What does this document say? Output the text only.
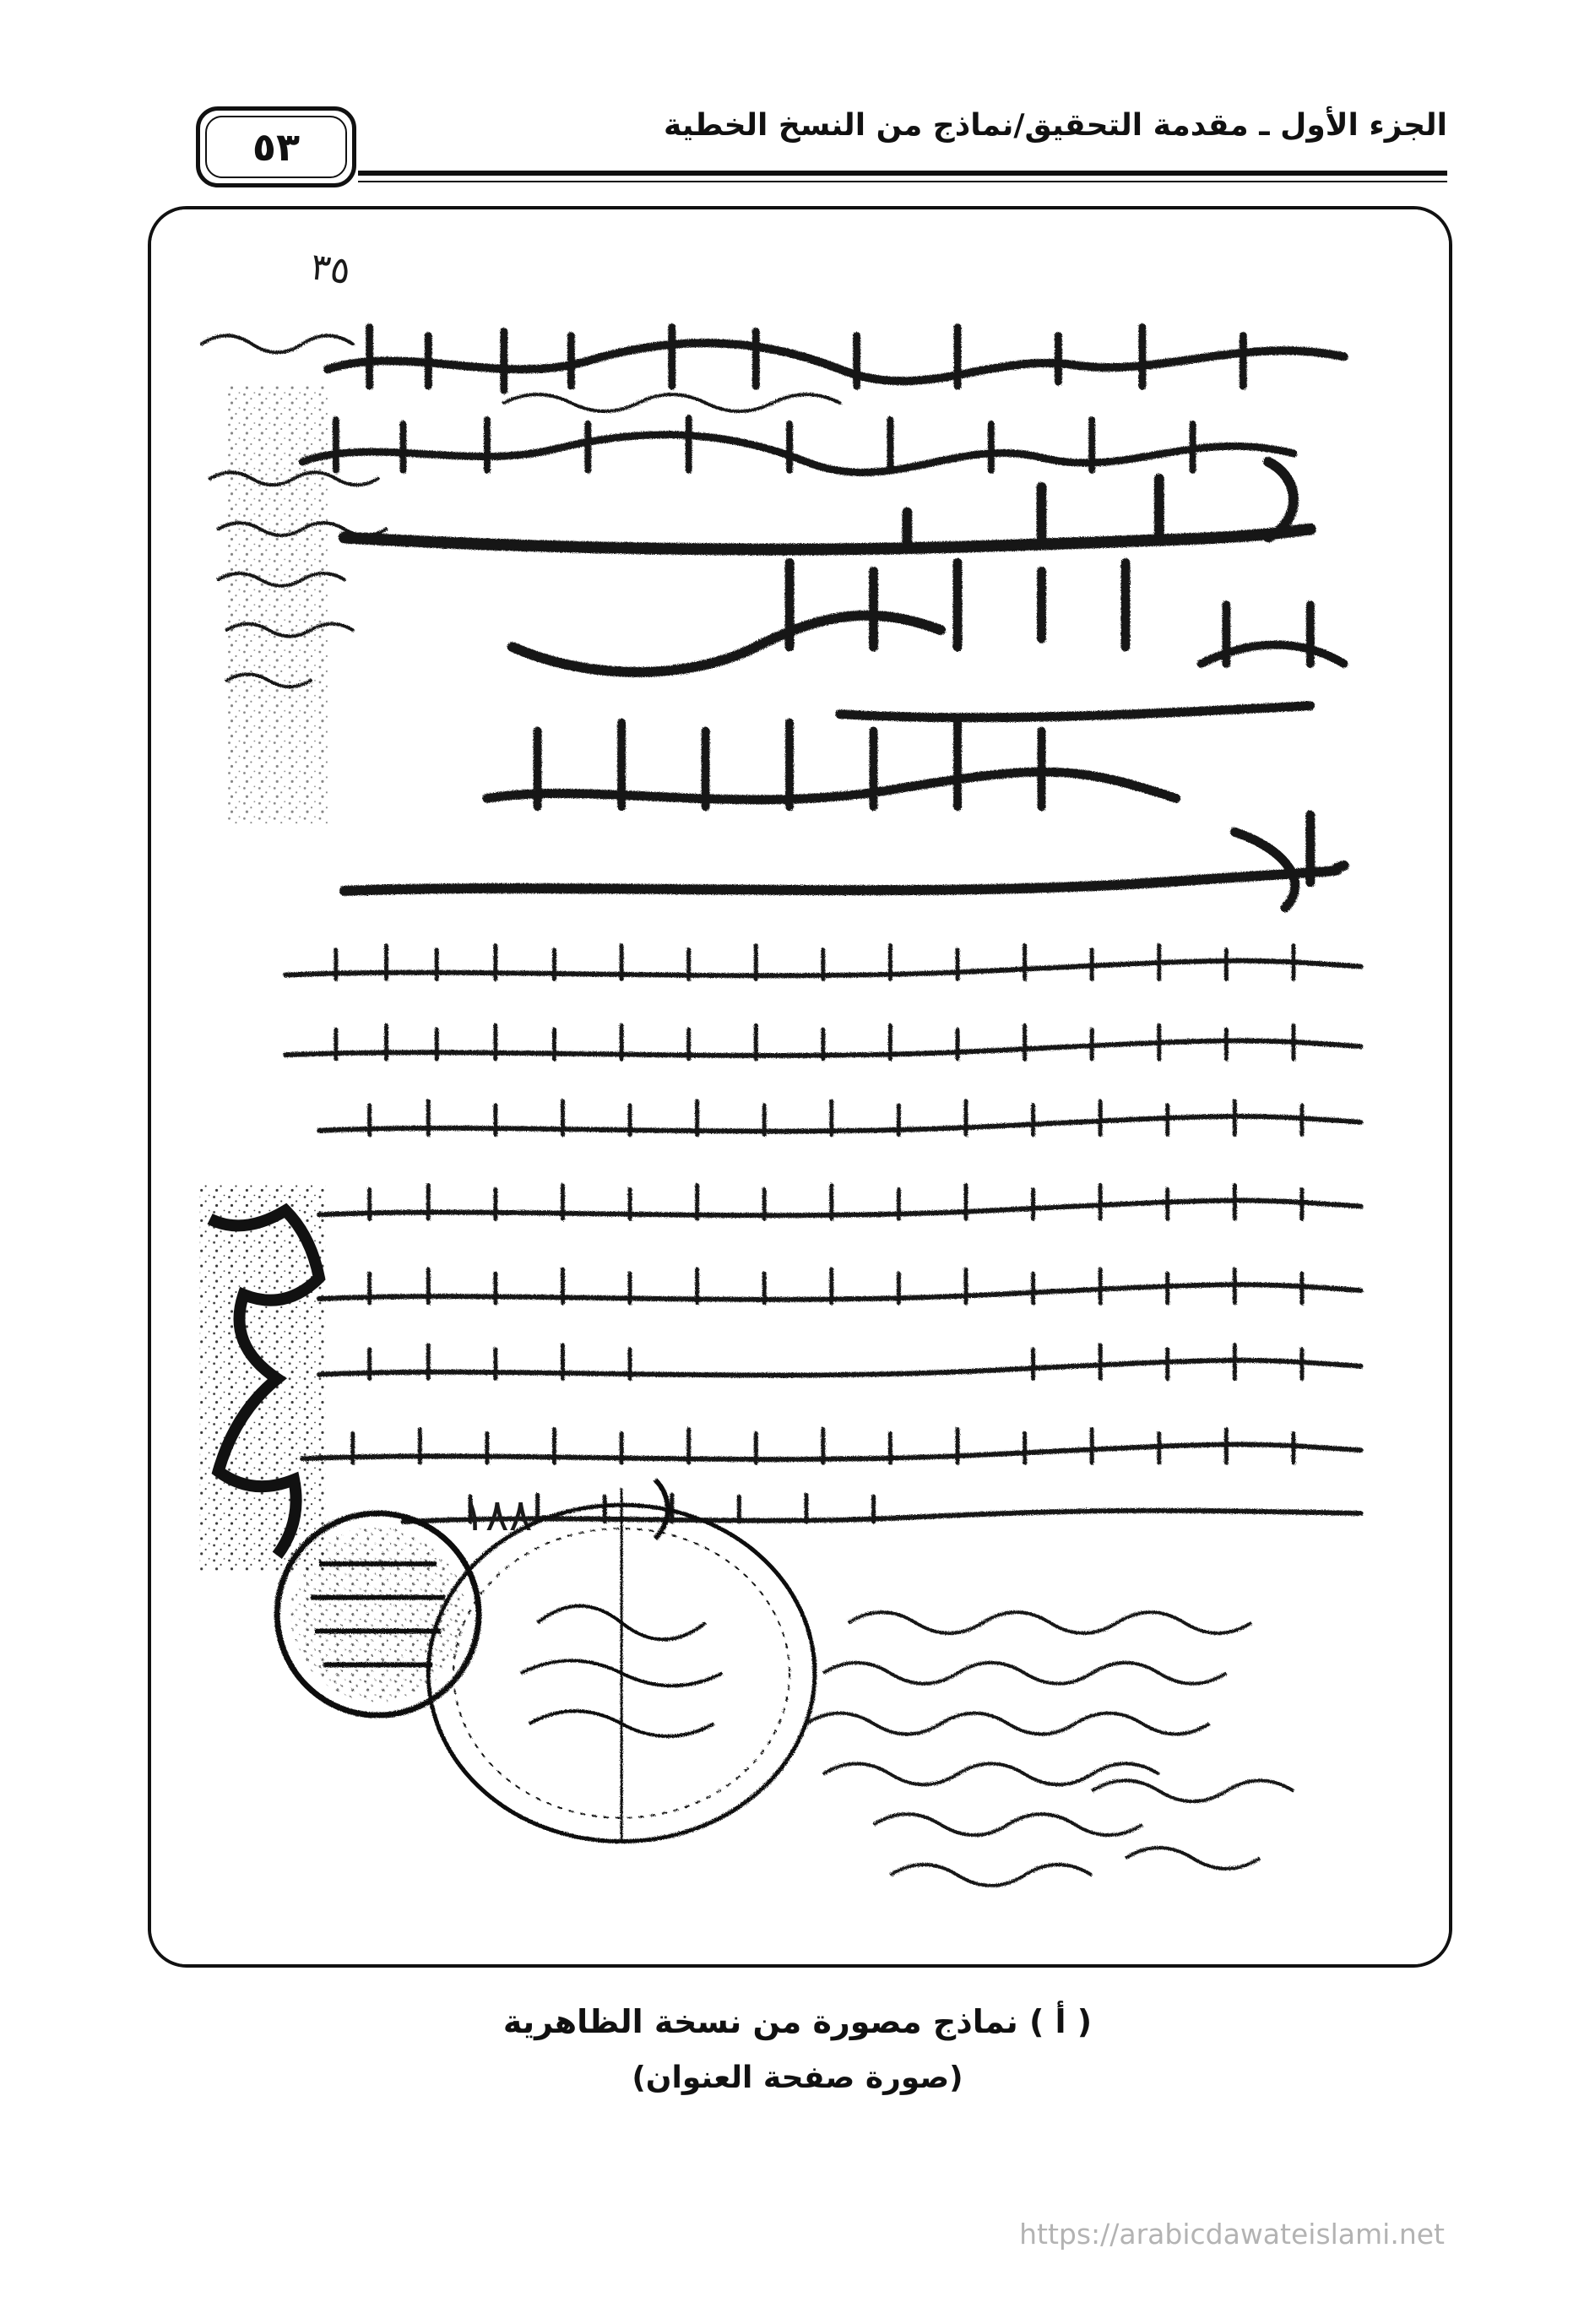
الجزء الأول ـ مقدمة التحقيق/نماذج من النسخ الخطية
٥٣
٣٥
١٨٨٠
( أ ) نماذج مصورة من نسخة الظاهرية
(صورة صفحة العنوان)
https://arabicdawateislami.net
